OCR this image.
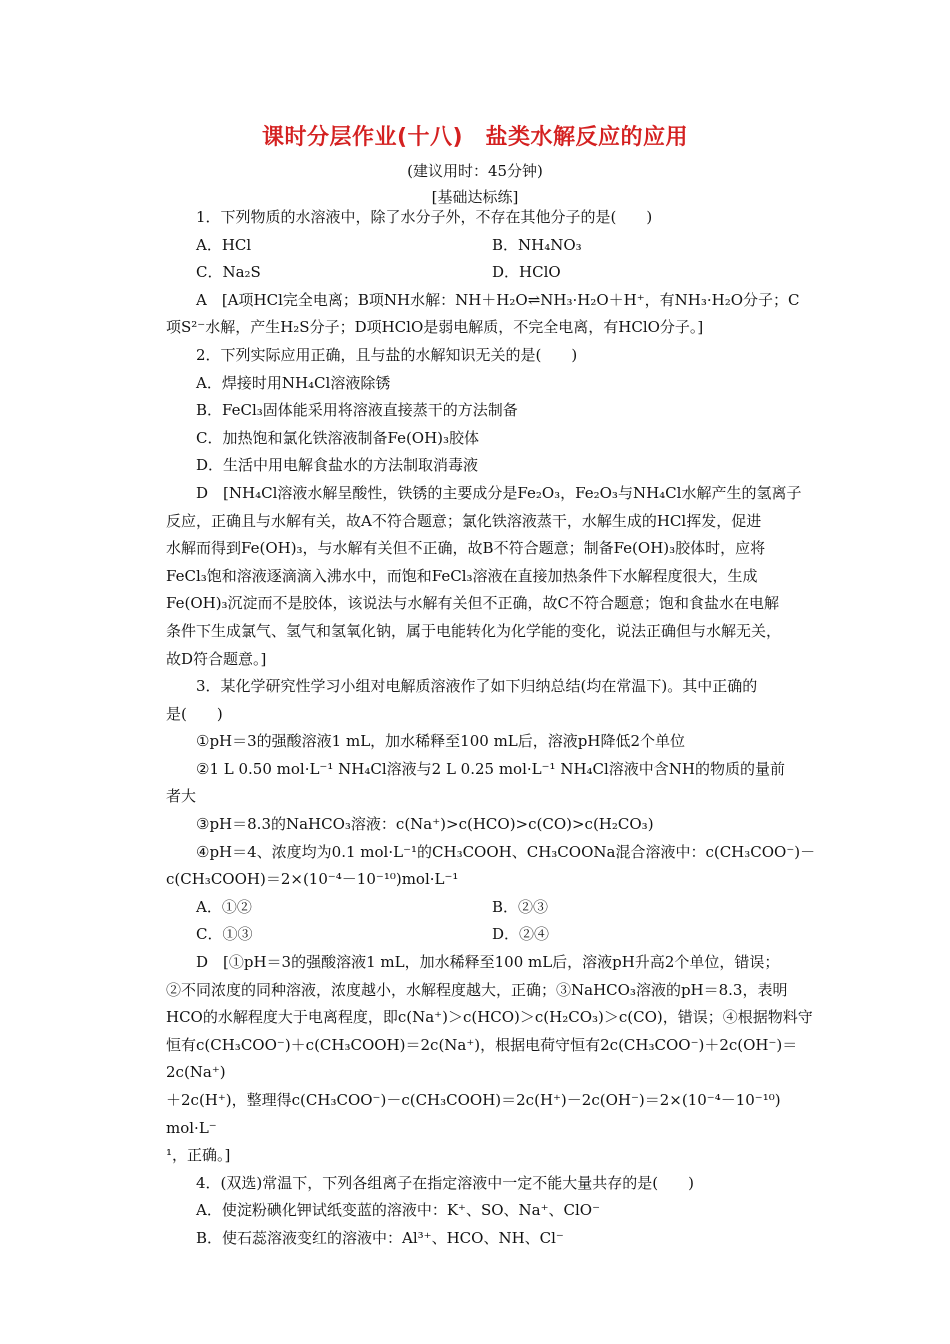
课时分层作业(十八)　盐类水解反应的应用
(建议用时：45分钟)
[基础达标练]

1．下列物质的水溶液中，除了水分子外，不存在其他分子的是(　　)

A．HCl	B．NH₄NO₃
C．Na₂S	D．HClO

A　[A项HCl完全电离；B项NH水解：NH＋H₂O⇌NH₃·H₂O＋H⁺，有NH₃·H₂O分子；C

项S²⁻水解，产生H₂S分子；D项HClO是弱电解质，不完全电离，有HClO分子。]

2．下列实际应用正确，且与盐的水解知识无关的是(　　)

A．焊接时用NH₄Cl溶液除锈

B．FeCl₃固体能采用将溶液直接蒸干的方法制备

C．加热饱和氯化铁溶液制备Fe(OH)₃胶体

D．生活中用电解食盐水的方法制取消毒液

D　[NH₄Cl溶液水解呈酸性，铁锈的主要成分是Fe₂O₃，Fe₂O₃与NH₄Cl水解产生的氢离子

反应，正确且与水解有关，故A不符合题意；氯化铁溶液蒸干，水解生成的HCl挥发，促进

水解而得到Fe(OH)₃，与水解有关但不正确，故B不符合题意；制备Fe(OH)₃胶体时，应将

FeCl₃饱和溶液逐滴滴入沸水中，而饱和FeCl₃溶液在直接加热条件下水解程度很大，生成

Fe(OH)₃沉淀而不是胶体，该说法与水解有关但不正确，故C不符合题意；饱和食盐水在电解

条件下生成氯气、氢气和氢氧化钠，属于电能转化为化学能的变化，说法正确但与水解无关，

故D符合题意。]

3．某化学研究性学习小组对电解质溶液作了如下归纳总结(均在常温下)。其中正确的

是(　　)

①pH＝3的强酸溶液1 mL，加水稀释至100 mL后，溶液pH降低2个单位

②1 L 0.50 mol·L⁻¹ NH₄Cl溶液与2 L 0.25 mol·L⁻¹ NH₄Cl溶液中含NH的物质的量前

者大

③pH＝8.3的NaHCO₃溶液：c(Na⁺)>c(HCO)>c(CO)>c(H₂CO₃)

④pH＝4、浓度均为0.1 mol·L⁻¹的CH₃COOH、CH₃COONa混合溶液中：c(CH₃COO⁻)－

c(CH₃COOH)＝2×(10⁻⁴－10⁻¹⁰)mol·L⁻¹

A．①②	B．②③
C．①③	D．②④

D　[①pH＝3的强酸溶液1 mL，加水稀释至100 mL后，溶液pH升高2个单位，错误；

②不同浓度的同种溶液，浓度越小，水解程度越大，正确；③NaHCO₃溶液的pH＝8.3，表明

HCO的水解程度大于电离程度，即c(Na⁺)＞c(HCO)＞c(H₂CO₃)＞c(CO)，错误；④根据物料守

恒有c(CH₃COO⁻)＋c(CH₃COOH)＝2c(Na⁺)，根据电荷守恒有2c(CH₃COO⁻)＋2c(OH⁻)＝2c(Na⁺)

＋2c(H⁺)，整理得c(CH₃COO⁻)－c(CH₃COOH)＝2c(H⁺)－2c(OH⁻)＝2×(10⁻⁴－10⁻¹⁰) mol·L⁻

¹，正确。]

4．(双选)常温下，下列各组离子在指定溶液中一定不能大量共存的是(　　)

A．使淀粉碘化钾试纸变蓝的溶液中：K⁺、SO、Na⁺、ClO⁻

B．使石蕊溶液变红的溶液中：Al³⁺、HCO、NH、Cl⁻
